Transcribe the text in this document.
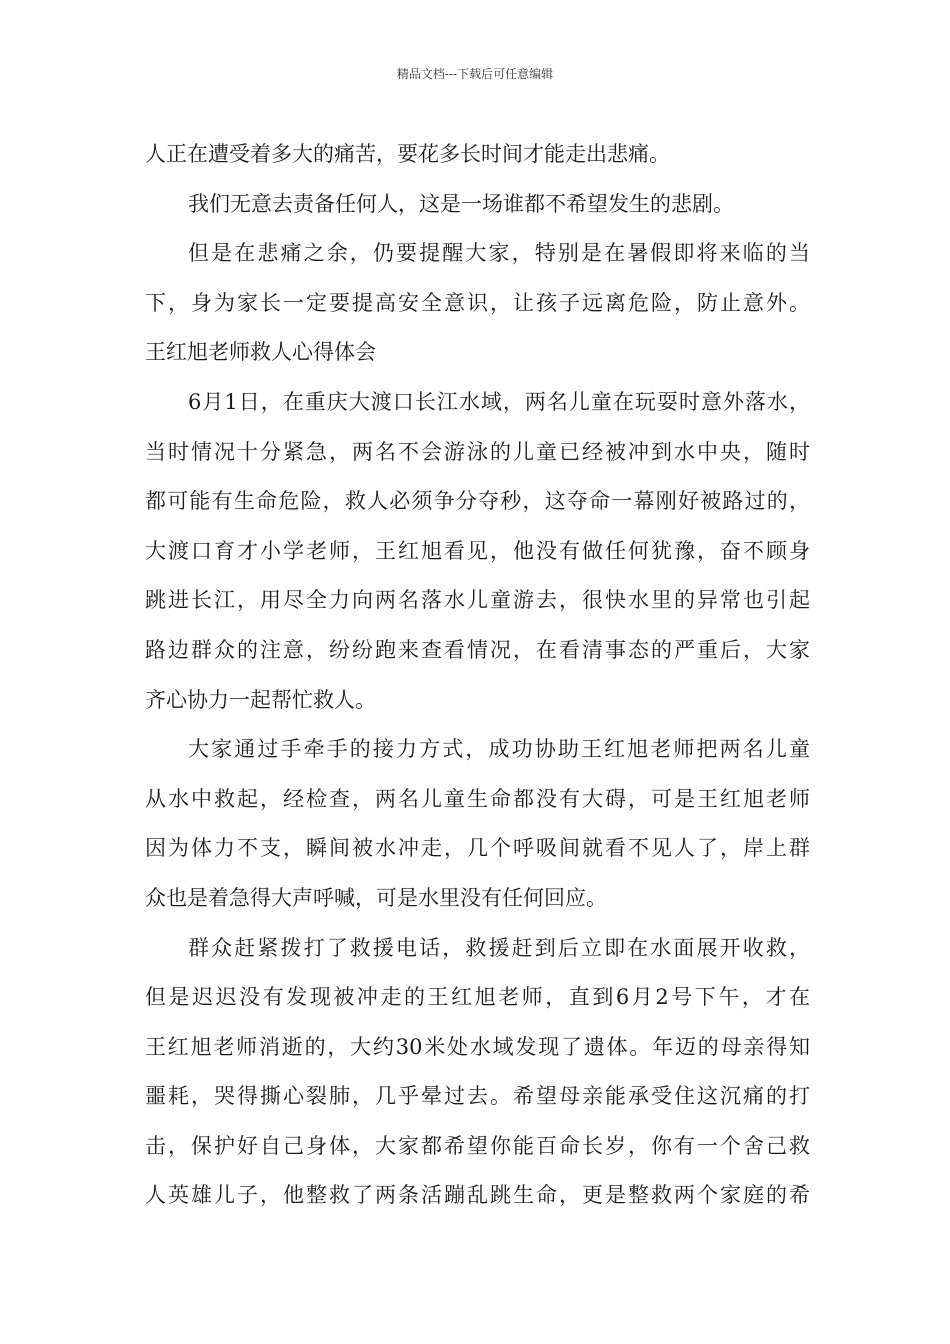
精品文档---下载后可任意编辑
人正在遭受着多大的痛苦，要花多长时间才能走出悲痛。
我们无意去责备任何人，这是一场谁都不希望发生的悲剧。
但是在悲痛之余，仍要提醒大家，特别是在暑假即将来临的当
下，身为家长一定要提高安全意识，让孩子远离危险，防止意外。
王红旭老师救人心得体会
6月1日，在重庆大渡口长江水域，两名儿童在玩耍时意外落水，
当时情况十分紧急，两名不会游泳的儿童已经被冲到水中央，随时
都可能有生命危险，救人必须争分夺秒，这夺命一幕刚好被路过的，
大渡口育才小学老师，王红旭看见，他没有做任何犹豫，奋不顾身
跳进长江，用尽全力向两名落水儿童游去，很快水里的异常也引起
路边群众的注意，纷纷跑来查看情况，在看清事态的严重后，大家
齐心协力一起帮忙救人。
大家通过手牵手的接力方式，成功协助王红旭老师把两名儿童
从水中救起，经检查，两名儿童生命都没有大碍，可是王红旭老师
因为体力不支，瞬间被水冲走，几个呼吸间就看不见人了，岸上群
众也是着急得大声呼喊，可是水里没有任何回应。
群众赶紧拨打了救援电话，救援赶到后立即在水面展开收救，
但是迟迟没有发现被冲走的王红旭老师，直到6月2号下午，才在
王红旭老师消逝的，大约30米处水域发现了遗体。年迈的母亲得知
噩耗，哭得撕心裂肺，几乎晕过去。希望母亲能承受住这沉痛的打
击，保护好自己身体，大家都希望你能百命长岁，你有一个舍己救
人英雄儿子，他整救了两条活蹦乱跳生命，更是整救两个家庭的希
